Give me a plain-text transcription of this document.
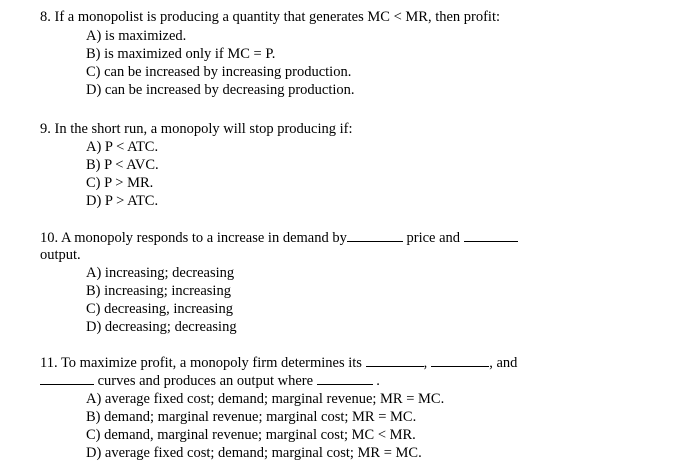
8. If a monopolist is producing a quantity that generates MC < MR, then profit:
A) is maximized.
B) is maximized only if MC = P.
C) can be increased by increasing production.
D) can be increased by decreasing production.
9. In the short run, a monopoly will stop producing if:
A) P < ATC.
B) P < AVC.
C) P > MR.
D) P > ATC.
10. A monopoly responds to a increase in demand by	price and
output.
A) increasing; decreasing
B) increasing; increasing
C) decreasing, increasing
D) decreasing; decreasing
11. To maximize profit, a monopoly firm determines its	,	, and
curves and produces an output where	.
A) average fixed cost; demand; marginal revenue; MR = MC.
B) demand; marginal revenue; marginal cost; MR = MC.
C) demand, marginal revenue; marginal cost; MC < MR.
D) average fixed cost; demand; marginal cost; MR = MC.
